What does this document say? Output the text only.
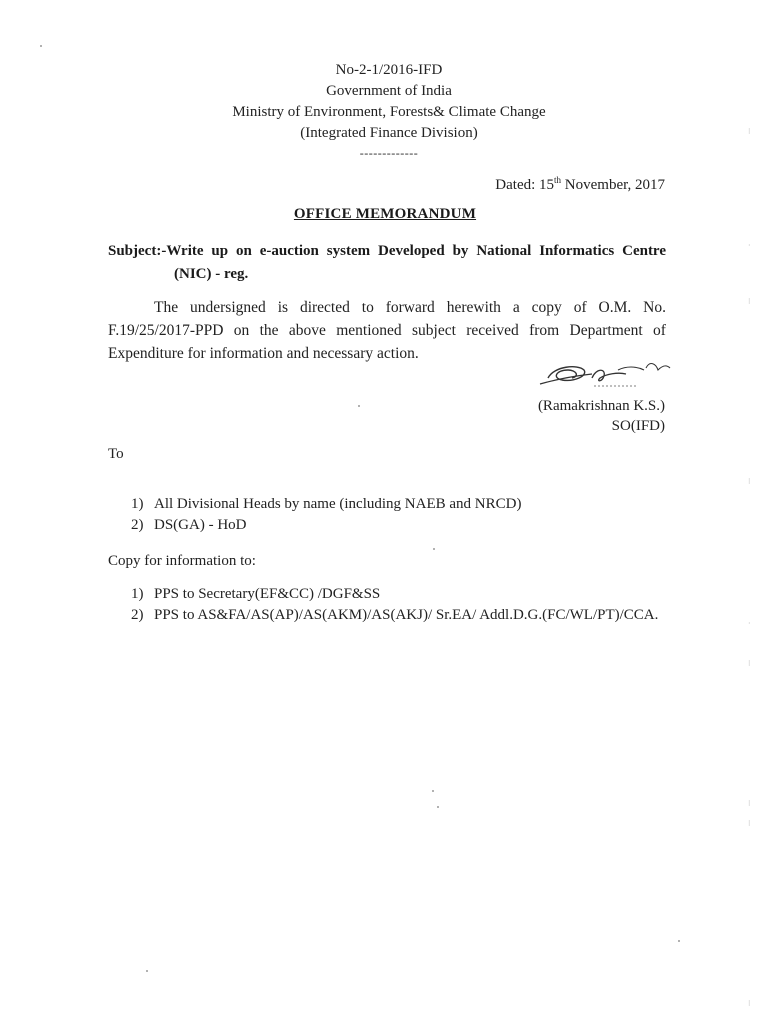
No-2-1/2016-IFD
Government of India
Ministry of Environment, Forests& Climate Change
(Integrated Finance Division)
-------------
Dated: 15th November, 2017
OFFICE MEMORANDUM
Subject:-Write up on e-auction system Developed by National Informatics Centre
(NIC) - reg.
The undersigned is directed to forward herewith a copy of O.M. No.
F.19/25/2017-PPD on the above mentioned subject received from Department of
Expenditure for information and necessary action.
(Ramakrishnan K.S.)
SO(IFD)
To
1) All Divisional Heads by name (including NAEB and NRCD)
2) DS(GA) - HoD
Copy for information to:
1) PPS to Secretary(EF&CC) /DGF&SS
2) PPS to AS&FA/AS(AP)/AS(AKM)/AS(AKJ)/ Sr.EA/ Addl.D.G.(FC/WL/PT)/CCA.
⁝
·
⁝
⁝
·
⁝
⁝
⁝
⁝
